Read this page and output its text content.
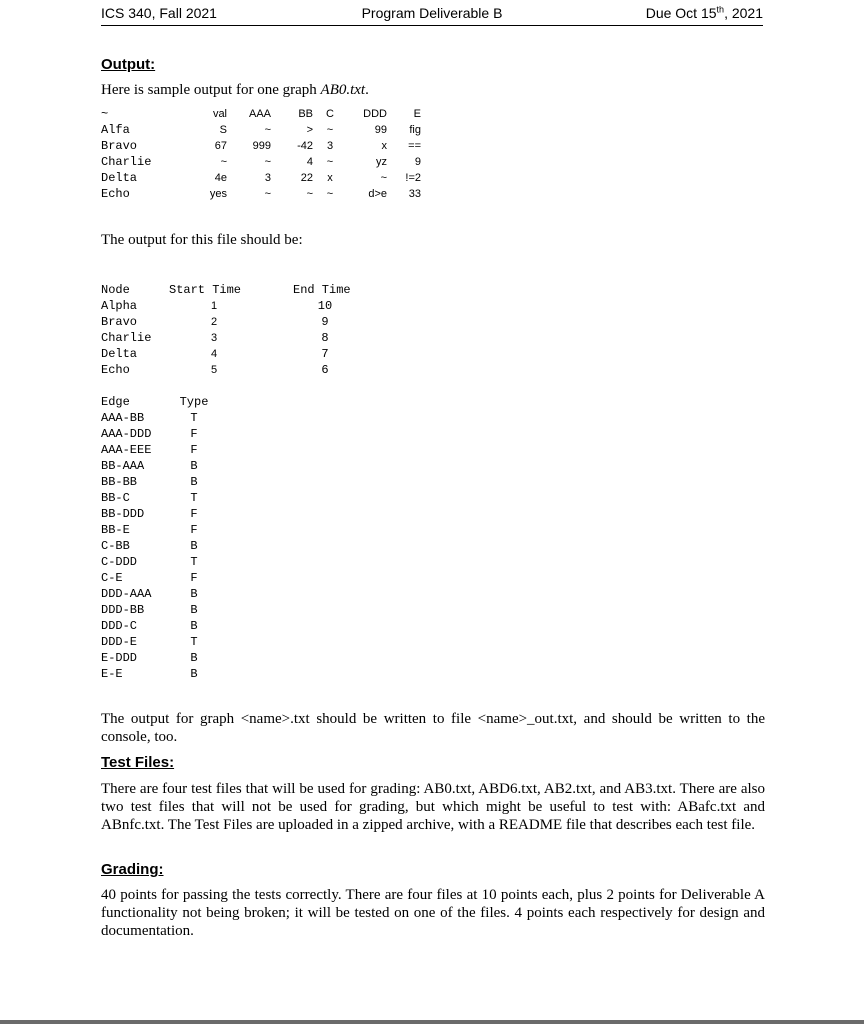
ICS 340, Fall 2021	Program Deliverable B	Due Oct 15th, 2021
Output:
Here is sample output for one graph AB0.txt.
~	val	AAA	BB	C	DDD	E
Alfa	S	~	>	~	99	fig
Bravo	67	999	-42	3	x	==
Charlie	~	~	4	~	yz	9
Delta	4e	3	22	x	~	!=2
Echo	yes	~	~	~	d>e	33
The output for this file should be:
Node	Start Time	End Time
Alpha	1	10
Bravo	2	9
Charlie	3	8
Delta	4	7
Echo	5	6
Edge	Type
AAA-BB	T
AAA-DDD	F
AAA-EEE	F
BB-AAA	B
BB-BB	B
BB-C	T
BB-DDD	F
BB-E	F
C-BB	B
C-DDD	T
C-E	F
DDD-AAA	B
DDD-BB	B
DDD-C	B
DDD-E	T
E-DDD	B
E-E	B
The output for graph <name>.txt should be written to file <name>_out.txt, and should be written to the console, too.
Test Files:
There are four test files that will be used for grading: AB0.txt, ABD6.txt, AB2.txt, and AB3.txt. There are also two test files that will not be used for grading, but which might be useful to test with: ABafc.txt and ABnfc.txt. The Test Files are uploaded in a zipped archive, with a README file that describes each test file.
Grading:
40 points for passing the tests correctly. There are four files at 10 points each, plus 2 points for Deliverable A functionality not being broken; it will be tested on one of the files. 4 points each respectively for design and documentation.
